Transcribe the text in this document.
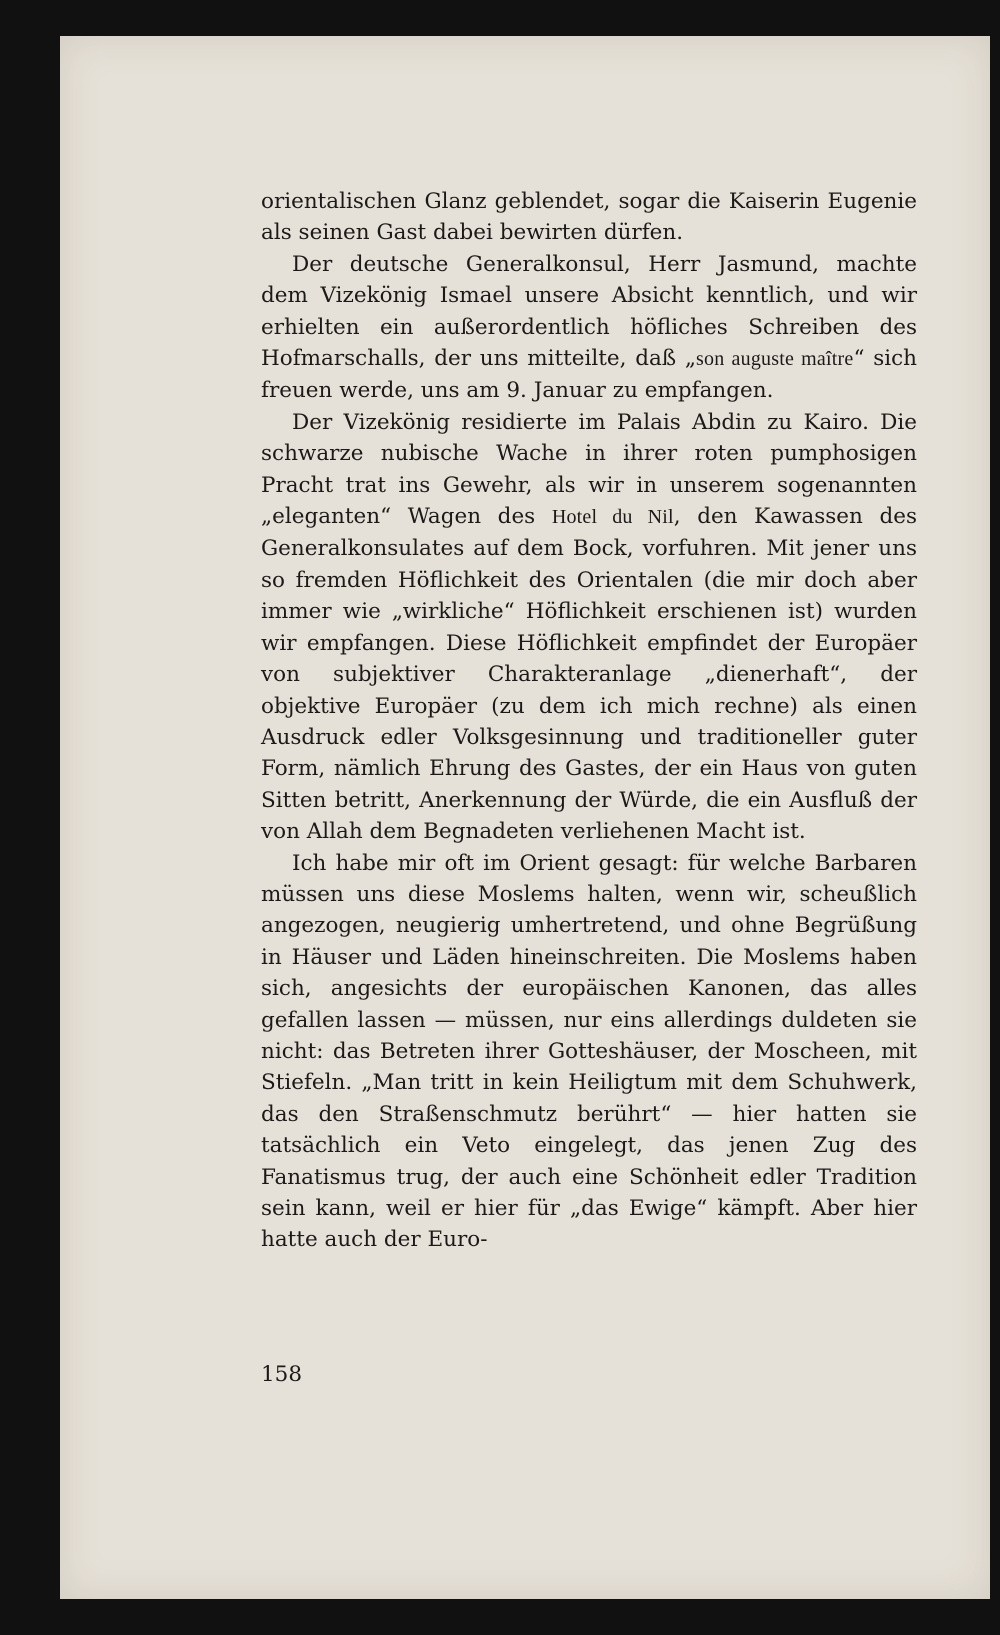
orientalischen Glanz geblendet, sogar die Kaiserin Eugenie als seinen Gast dabei bewirten dürfen.

Der deutsche Generalkonsul, Herr Jasmund, machte dem Vizekönig Ismael unsere Absicht kenntlich, und wir erhielten ein außerordentlich höfliches Schreiben des Hofmarschalls, der uns mitteilte, daß „son auguste maître“ sich freuen werde, uns am 9. Januar zu empfangen.

Der Vizekönig residierte im Palais Abdin zu Kairo. Die schwarze nubische Wache in ihrer roten pumphosigen Pracht trat ins Gewehr, als wir in unserem sogenannten „eleganten“ Wagen des Hotel du Nil, den Kawassen des Generalkonsulates auf dem Bock, vorfuhren. Mit jener uns so fremden Höflichkeit des Orientalen (die mir doch aber immer wie „wirkliche“ Höflichkeit erschienen ist) wurden wir empfangen. Diese Höflichkeit empfindet der Europäer von subjektiver Charakteranlage „dienerhaft“, der objektive Europäer (zu dem ich mich rechne) als einen Ausdruck edler Volksgesinnung und traditioneller guter Form, nämlich Ehrung des Gastes, der ein Haus von guten Sitten betritt, Anerkennung der Würde, die ein Ausfluß der von Allah dem Begnadeten verliehenen Macht ist.

Ich habe mir oft im Orient gesagt: für welche Barbaren müssen uns diese Moslems halten, wenn wir, scheußlich angezogen, neugierig umhertretend, und ohne Begrüßung in Häuser und Läden hineinschreiten. Die Moslems haben sich, angesichts der europäischen Kanonen, das alles gefallen lassen — müssen, nur eins allerdings duldeten sie nicht: das Betreten ihrer Gotteshäuser, der Moscheen, mit Stiefeln. „Man tritt in kein Heiligtum mit dem Schuhwerk, das den Straßenschmutz berührt“ — hier hatten sie tatsächlich ein Veto eingelegt, das jenen Zug des Fanatismus trug, der auch eine Schönheit edler Tradition sein kann, weil er hier für „das Ewige“ kämpft. Aber hier hatte auch der Euro-

158
